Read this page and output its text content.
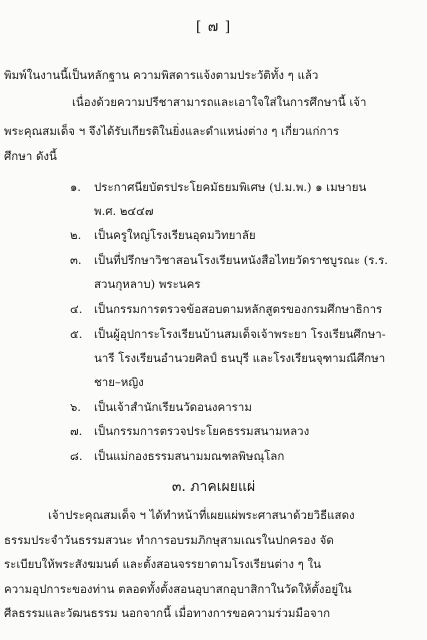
[ ๗ ]
พิมพ์ในงานนี้เป็นหลักฐาน ความพิสดารแจ้งตามประวัติทั้ง ๆ แล้ว
เนื่องด้วยความปรีชาสามารถและเอาใจใส่ในการศึกษานี้ เจ้า
พระคุณสมเด็จ ฯ จึงได้รับเกียรติในยิ่งและดำแหน่งต่าง ๆ เกี่ยวแก่การ
ศึกษา ดังนี้
๑. ประกาศนียบัตรประโยคมัธยมพิเศษ (ป.ม.พ.) ๑ เมษายน
พ.ศ. ๒๔๔๗
๒. เป็นครูใหญ่โรงเรียนอุดมวิทยาลัย
๓. เป็นที่ปรึกษาวิชาสอนโรงเรียนหนังสือไทยวัดราชบูรณะ (ร.ร.
สวนกุหลาบ) พระนคร
๔. เป็นกรรมการตรวจข้อสอบตามหลักสูตรของกรมศึกษาธิการ
๕. เป็นผู้อุปการะโรงเรียนบ้านสมเด็จเจ้าพระยา โรงเรียนศึกษา-
นารี โรงเรียนอำนวยศิลป์ ธนบุรี และโรงเรียนจุฑามณีศึกษา
ชาย–หญิง
๖. เป็นเจ้าสำนักเรียนวัดอนงคาราม
๗. เป็นกรรมการตรวจประโยคธรรมสนามหลวง
๘. เป็นแม่กองธรรมสนามมณฑลพิษณุโลก
๓. ภาคเผยแผ่
เจ้าประคุณสมเด็จ ฯ ได้ทำหน้าที่เผยแผ่พระศาสนาด้วยวิธีแสดง
ธรรมประจำวันธรรมสวนะ ทำการอบรมภิกษุสามเณรในปกครอง จัด
ระเบียบให้พระสังฆมนต์ และตั้งสอนจรรยาตามโรงเรียนต่าง ๆ ใน
ความอุปการะของท่าน ตลอดทั้งตั้งสอนอุบาสกอุบาสิกาในวัดให้ตั้งอยู่ใน
ศีลธรรมและวัฒนธรรม นอกจากนี้ เมื่อทางการขอความร่วมมือจาก
